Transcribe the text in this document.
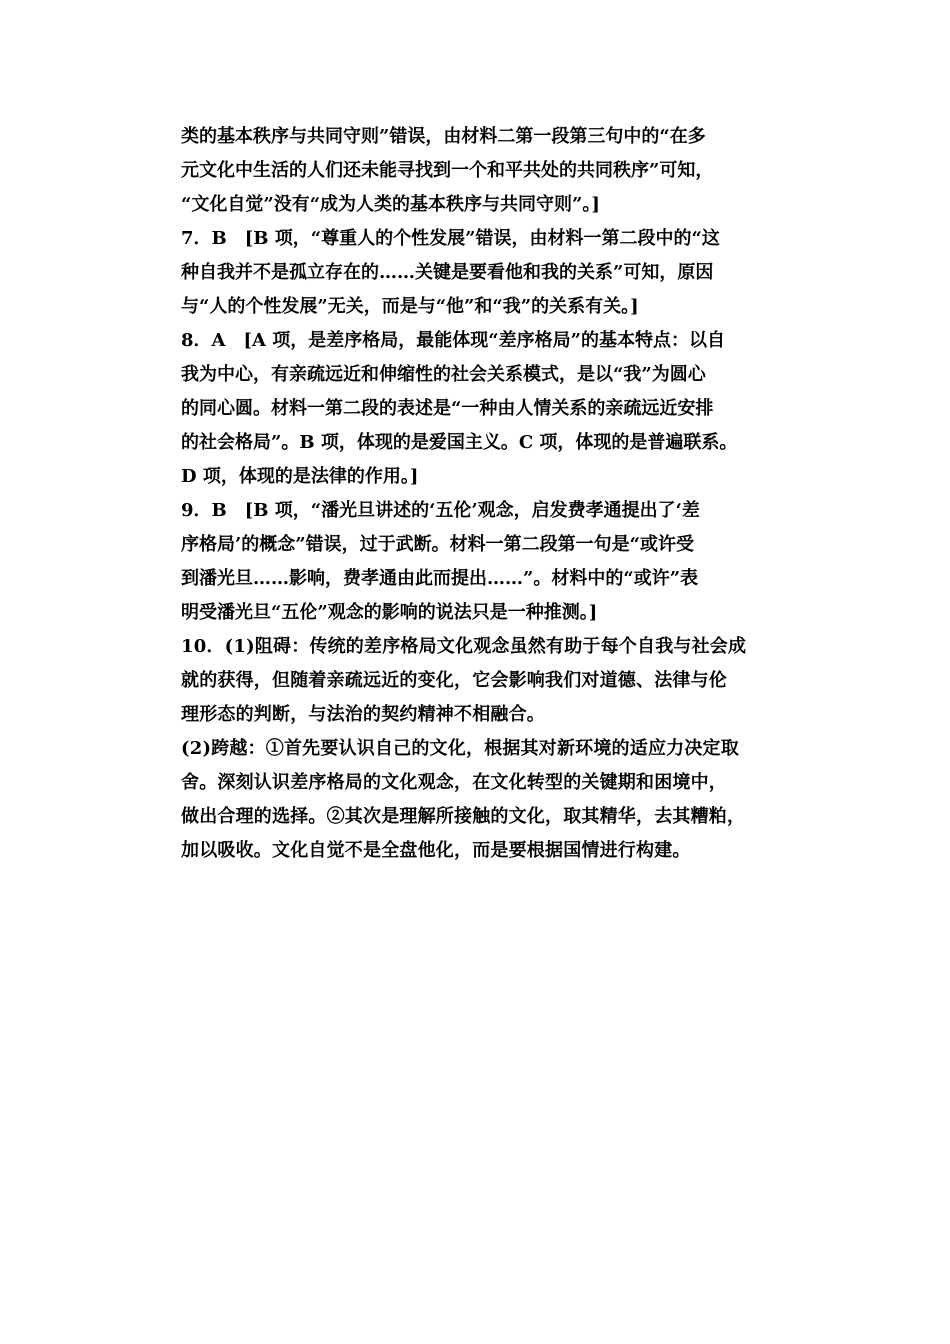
类的基本秩序与共同守则”错误，由材料二第一段第三句中的“在多
元文化中生活的人们还未能寻找到一个和平共处的共同秩序”可知，
“文化自觉”没有“成为人类的基本秩序与共同守则”。]
7．B　[B 项，“尊重人的个性发展”错误，由材料一第二段中的“这
种自我并不是孤立存在的……关键是要看他和我的关系”可知，原因
与“人的个性发展”无关，而是与“他”和“我”的关系有关。]
8．A　[A 项，是差序格局，最能体现“差序格局”的基本特点：以自
我为中心，有亲疏远近和伸缩性的社会关系模式，是以“我”为圆心
的同心圆。材料一第二段的表述是“一种由人情关系的亲疏远近安排
的社会格局”。B 项，体现的是爱国主义。C 项，体现的是普遍联系。
D 项，体现的是法律的作用。]
9．B　[B 项，“潘光旦讲述的‘五伦’观念，启发费孝通提出了‘差
序格局’的概念”错误，过于武断。材料一第二段第一句是“或许受
到潘光旦……影响，费孝通由此而提出……”。材料中的“或许”表
明受潘光旦“五伦”观念的影响的说法只是一种推测。]
10．(1)阻碍：传统的差序格局文化观念虽然有助于每个自我与社会成
就的获得，但随着亲疏远近的变化，它会影响我们对道德、法律与伦
理形态的判断，与法治的契约精神不相融合。
(2)跨越：①首先要认识自己的文化，根据其对新环境的适应力决定取
舍。深刻认识差序格局的文化观念，在文化转型的关键期和困境中，
做出合理的选择。②其次是理解所接触的文化，取其精华，去其糟粕，
加以吸收。文化自觉不是全盘他化，而是要根据国情进行构建。
